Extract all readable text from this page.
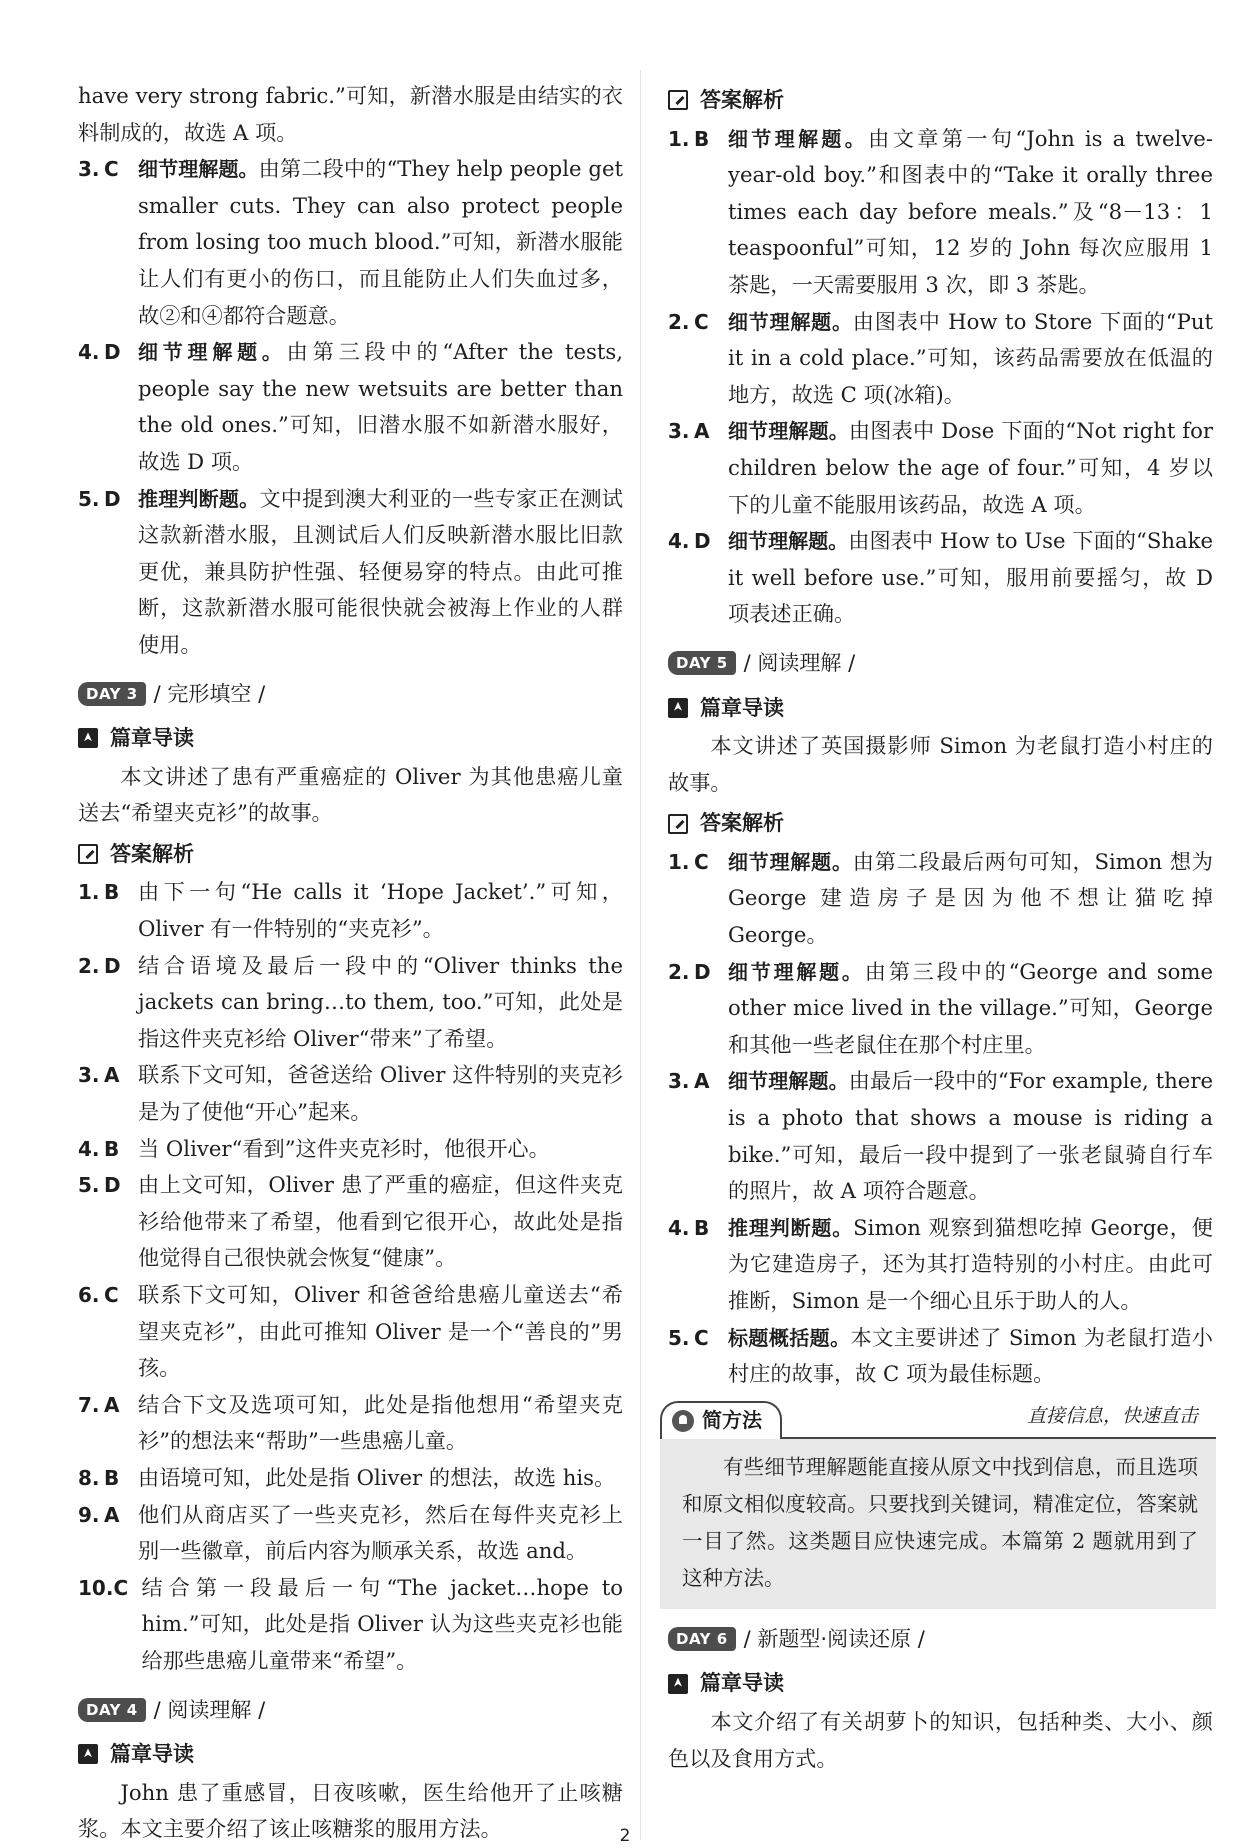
have very strong fabric.”可知，新潜水服是由结实的衣料制成的，故选 A 项。

3. C 细节理解题。由第二段中的“They help people get smaller cuts. They can also protect people from losing too much blood.”可知，新潜水服能让人们有更小的伤口，而且能防止人们失血过多，故②和④都符合题意。
4. D 细节理解题。由第三段中的“After the tests, people say the new wetsuits are better than the old ones.”可知，旧潜水服不如新潜水服好，故选 D 项。
5. D 推理判断题。文中提到澳大利亚的一些专家正在测试这款新潜水服，且测试后人们反映新潜水服比旧款更优，兼具防护性强、轻便易穿的特点。由此可推断，这款新潜水服可能很快就会被海上作业的人群使用。
DAY 3 / 完形填空 /
篇章导读

本文讲述了患有严重癌症的 Oliver 为其他患癌儿童送去“希望夹克衫”的故事。

答案解析
1. B 由下一句“He calls it ‘Hope Jacket’.”可知，Oliver 有一件特别的“夹克衫”。
2. D 结合语境及最后一段中的“Oliver thinks the jackets can bring…to them, too.”可知，此处是指这件夹克衫给 Oliver“带来”了希望。
3. A 联系下文可知，爸爸送给 Oliver 这件特别的夹克衫是为了使他“开心”起来。
4. B 当 Oliver“看到”这件夹克衫时，他很开心。
5. D 由上文可知，Oliver 患了严重的癌症，但这件夹克衫给他带来了希望，他看到它很开心，故此处是指他觉得自己很快就会恢复“健康”。
6. C 联系下文可知，Oliver 和爸爸给患癌儿童送去“希望夹克衫”，由此可推知 Oliver 是一个“善良的”男孩。
7. A 结合下文及选项可知，此处是指他想用“希望夹克衫”的想法来“帮助”一些患癌儿童。
8. B 由语境可知，此处是指 Oliver 的想法，故选 his。
9. A 他们从商店买了一些夹克衫，然后在每件夹克衫上别一些徽章，前后内容为顺承关系，故选 and。
10. C 结合第一段最后一句“The jacket…hope to him.”可知，此处是指 Oliver 认为这些夹克衫也能给那些患癌儿童带来“希望”。
DAY 4 / 阅读理解 /
篇章导读

John 患了重感冒，日夜咳嗽，医生给他开了止咳糖浆。本文主要介绍了该止咳糖浆的服用方法。

答案解析
1. B 细节理解题。由文章第一句“John is a twelve-year-old boy.”和图表中的“Take it orally three times each day before meals.”及“8－13：1 teaspoonful”可知，12 岁的 John 每次应服用 1 茶匙，一天需要服用 3 次，即 3 茶匙。
2. C 细节理解题。由图表中 How to Store 下面的“Put it in a cold place.”可知，该药品需要放在低温的地方，故选 C 项(冰箱)。
3. A 细节理解题。由图表中 Dose 下面的“Not right for children below the age of four.”可知，4 岁以下的儿童不能服用该药品，故选 A 项。
4. D 细节理解题。由图表中 How to Use 下面的“Shake it well before use.”可知，服用前要摇匀，故 D 项表述正确。
DAY 5 / 阅读理解 /
篇章导读

本文讲述了英国摄影师 Simon 为老鼠打造小村庄的故事。

答案解析
1. C 细节理解题。由第二段最后两句可知，Simon 想为 George 建造房子是因为他不想让猫吃掉 George。
2. D 细节理解题。由第三段中的“George and some other mice lived in the village.”可知，George 和其他一些老鼠住在那个村庄里。
3. A 细节理解题。由最后一段中的“For example, there is a photo that shows a mouse is riding a bike.”可知，最后一段中提到了一张老鼠骑自行车的照片，故 A 项符合题意。
4. B 推理判断题。Simon 观察到猫想吃掉 George，便为它建造房子，还为其打造特别的小村庄。由此可推断，Simon 是一个细心且乐于助人的人。
5. C 标题概括题。本文主要讲述了 Simon 为老鼠打造小村庄的故事，故 C 项为最佳标题。
简方法	直接信息，快速直击
有些细节理解题能直接从原文中找到信息，而且选项和原文相似度较高。只要找到关键词，精准定位，答案就一目了然。这类题目应快速完成。本篇第 2 题就用到了这种方法。
DAY 6 / 新题型·阅读还原 /
篇章导读

本文介绍了有关胡萝卜的知识，包括种类、大小、颜色以及食用方式。

2
